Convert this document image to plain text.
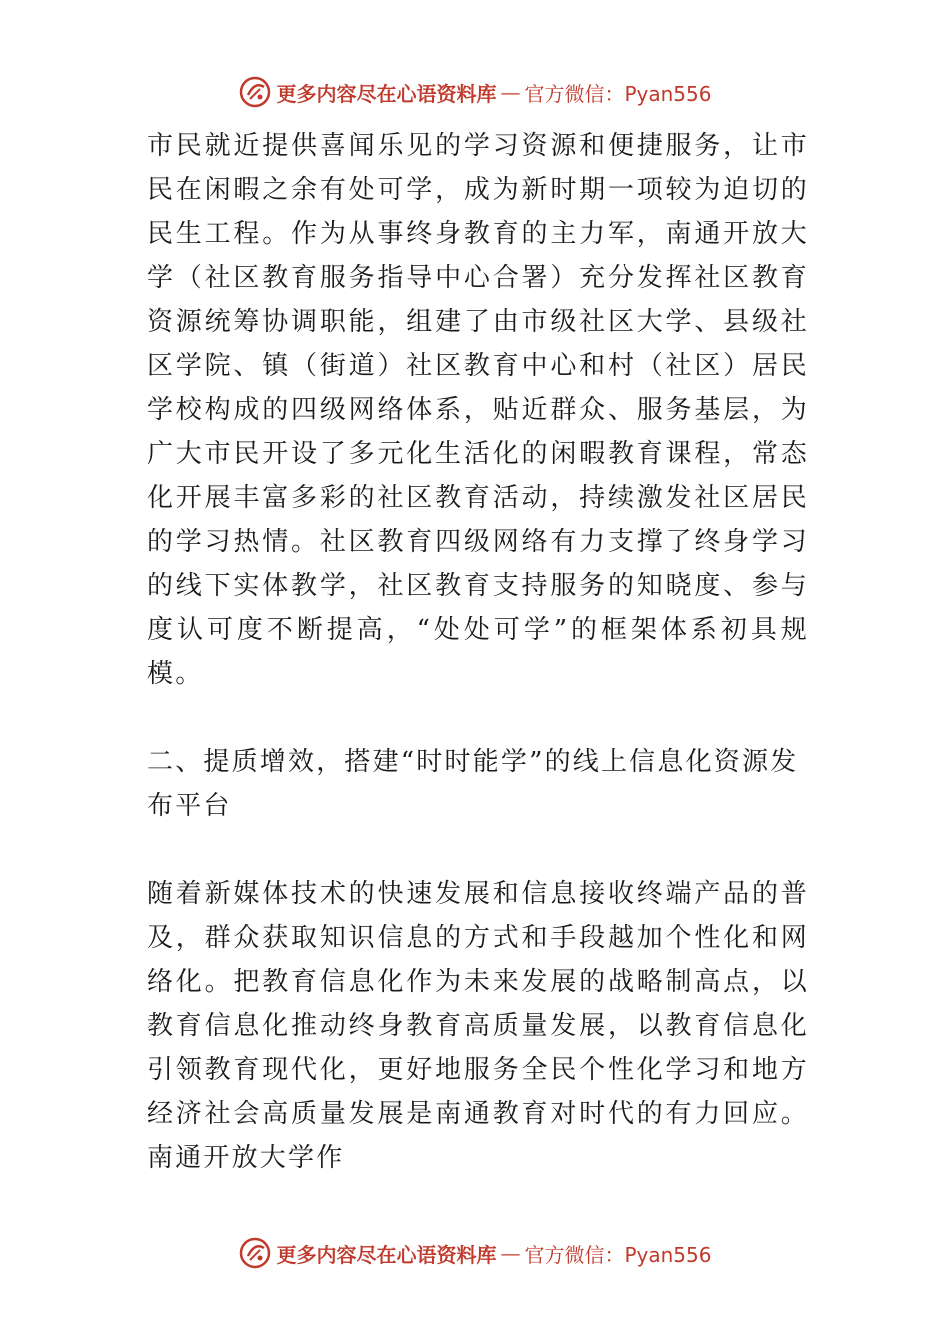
更多内容尽在心语资料库 — 官方微信：Pyan556

市民就近提供喜闻乐见的学习资源和便捷服务，让市民在闲暇之余有处可学，成为新时期一项较为迫切的民生工程。作为从事终身教育的主力军，南通开放大学（社区教育服务指导中心合署）充分发挥社区教育资源统筹协调职能，组建了由市级社区大学、县级社区学院、镇（街道）社区教育中心和村（社区）居民学校构成的四级网络体系，贴近群众、服务基层，为广大市民开设了多元化生活化的闲暇教育课程，常态化开展丰富多彩的社区教育活动，持续激发社区居民的学习热情。社区教育四级网络有力支撑了终身学习的线下实体教学，社区教育支持服务的知晓度、参与度认可度不断提高，“处处可学”的框架体系初具规模。

二、提质增效，搭建“时时能学”的线上信息化资源发布平台

随着新媒体技术的快速发展和信息接收终端产品的普及，群众获取知识信息的方式和手段越加个性化和网络化。把教育信息化作为未来发展的战略制高点，以教育信息化推动终身教育高质量发展，以教育信息化引领教育现代化，更好地服务全民个性化学习和地方经济社会高质量发展是南通教育对时代的有力回应。南通开放大学作

更多内容尽在心语资料库 — 官方微信：Pyan556
